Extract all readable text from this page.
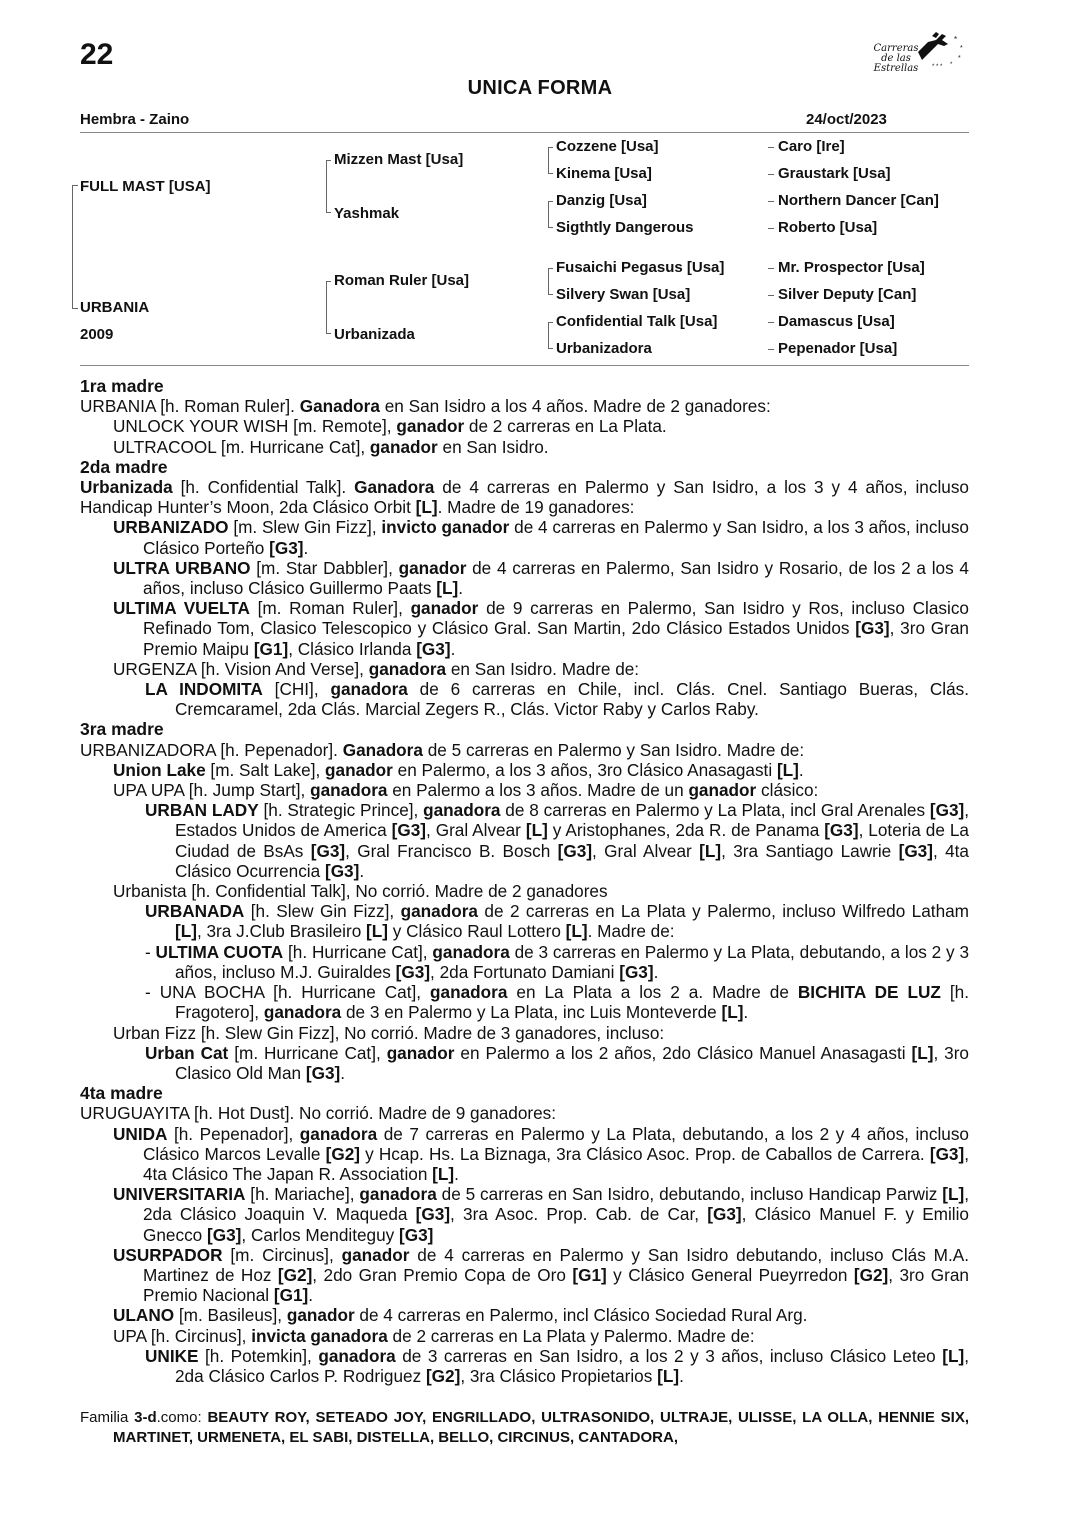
22	Carreras
de las Estrellas
*
*
*
*
* * *
UNICA FORMA
Hembra - Zaino	24/oct/2023
FULL MAST [USA]
URBANIA
2009
Mizzen Mast [Usa]
Yashmak
Roman Ruler [Usa]
Urbanizada
Cozzene [Usa]
Kinema [Usa]
Danzig [Usa]
Sigthtly Dangerous
Fusaichi Pegasus [Usa]
Silvery Swan [Usa]
Confidential Talk [Usa]
Urbanizadora
Caro [Ire]
Graustark [Usa]
Northern Dancer [Can]
Roberto [Usa]
Mr. Prospector [Usa]
Silver Deputy [Can]
Damascus [Usa]
Pepenador [Usa]

1ra madre

URBANIA [h. Roman Ruler]. Ganadora en San Isidro a los 4 años. Madre de 2 ganadores:

UNLOCK YOUR WISH [m. Remote], ganador de 2 carreras en La Plata.

ULTRACOOL [m. Hurricane Cat], ganador en San Isidro.

2da madre

Urbanizada [h. Confidential Talk]. Ganadora de 4 carreras en Palermo y San Isidro, a los 3 y 4 años, incluso Handicap Hunter’s Moon, 2da Clásico Orbit [L]. Madre de 19 ganadores:

URBANIZADO [m. Slew Gin Fizz], invicto ganador de 4 carreras en Palermo y San Isidro, a los 3 años, incluso Clásico Porteño [G3].

ULTRA URBANO [m. Star Dabbler], ganador de 4 carreras en Palermo, San Isidro y Rosario, de los 2 a los 4 años, incluso Clásico Guillermo Paats [L].

ULTIMA VUELTA [m. Roman Ruler], ganador de 9 carreras en Palermo, San Isidro y Ros, incluso Clasico Refinado Tom, Clasico Telescopico y Clásico Gral. San Martin, 2do Clásico Estados Unidos [G3], 3ro Gran Premio Maipu [G1], Clásico Irlanda [G3].

URGENZA [h. Vision And Verse], ganadora en San Isidro. Madre de:

LA INDOMITA [CHI], ganadora de 6 carreras en Chile, incl. Clás. Cnel. Santiago Bueras, Clás. Cremcaramel, 2da Clás. Marcial Zegers R., Clás. Victor Raby y Carlos Raby.

3ra madre

URBANIZADORA [h. Pepenador]. Ganadora de 5 carreras en Palermo y San Isidro. Madre de:

Union Lake [m. Salt Lake], ganador en Palermo, a los 3 años, 3ro Clásico Anasagasti [L].

UPA UPA [h. Jump Start], ganadora en Palermo a los 3 años. Madre de un ganador clásico:

URBAN LADY [h. Strategic Prince], ganadora de 8 carreras en Palermo y La Plata, incl Gral Arenales [G3], Estados Unidos de America [G3], Gral Alvear [L] y Aristophanes, 2da R. de Panama [G3], Loteria de La Ciudad de BsAs [G3], Gral Francisco B. Bosch [G3], Gral Alvear [L], 3ra Santiago Lawrie [G3], 4ta Clásico Ocurrencia [G3].

Urbanista [h. Confidential Talk], No corrió. Madre de 2 ganadores

URBANADA [h. Slew Gin Fizz], ganadora de 2 carreras en La Plata y Palermo, incluso Wilfredo Latham [L], 3ra J.Club Brasileiro [L] y Clásico Raul Lottero [L]. Madre de:

- ULTIMA CUOTA [h. Hurricane Cat], ganadora de 3 carreras en Palermo y La Plata, debutando, a los 2 y 3 años, incluso M.J. Guiraldes [G3], 2da Fortunato Damiani [G3].

- UNA BOCHA [h. Hurricane Cat], ganadora en La Plata a los 2 a. Madre de BICHITA DE LUZ [h. Fragotero], ganadora de 3 en Palermo y La Plata, inc Luis Monteverde [L].

Urban Fizz [h. Slew Gin Fizz], No corrió. Madre de 3 ganadores, incluso:

Urban Cat [m. Hurricane Cat], ganador en Palermo a los 2 años, 2do Clásico Manuel Anasagasti [L], 3ro Clasico Old Man [G3].

4ta madre

URUGUAYITA [h. Hot Dust]. No corrió. Madre de 9 ganadores:

UNIDA [h. Pepenador], ganadora de 7 carreras en Palermo y La Plata, debutando, a los 2 y 4 años, incluso Clásico Marcos Levalle [G2] y Hcap. Hs. La Biznaga, 3ra Clásico Asoc. Prop. de Caballos de Carrera. [G3], 4ta Clásico The Japan R. Association [L].

UNIVERSITARIA [h. Mariache], ganadora de 5 carreras en San Isidro, debutando, incluso Handicap Parwiz [L], 2da Clásico Joaquin V. Maqueda [G3], 3ra Asoc. Prop. Cab. de Car, [G3], Clásico Manuel F. y Emilio Gnecco [G3], Carlos Menditeguy [G3]

USURPADOR [m. Circinus], ganador de 4 carreras en Palermo y San Isidro debutando, incluso Clás M.A. Martinez de Hoz [G2], 2do Gran Premio Copa de Oro [G1] y Clásico General Pueyrredon [G2], 3ro Gran Premio Nacional [G1].

ULANO [m. Basileus], ganador de 4 carreras en Palermo, incl Clásico Sociedad Rural Arg.

UPA [h. Circinus], invicta ganadora de 2 carreras en La Plata y Palermo. Madre de:

UNIKE [h. Potemkin], ganadora de 3 carreras en San Isidro, a los 2 y 3 años, incluso Clásico Leteo [L], 2da Clásico Carlos P. Rodriguez [G2], 3ra Clásico Propietarios [L].

Familia 3-d.como: BEAUTY ROY, SETEADO JOY, ENGRILLADO, ULTRASONIDO, ULTRAJE, ULISSE, LA OLLA, HENNIE SIX, MARTINET, URMENETA, EL SABI, DISTELLA, BELLO, CIRCINUS, CANTADORA,
